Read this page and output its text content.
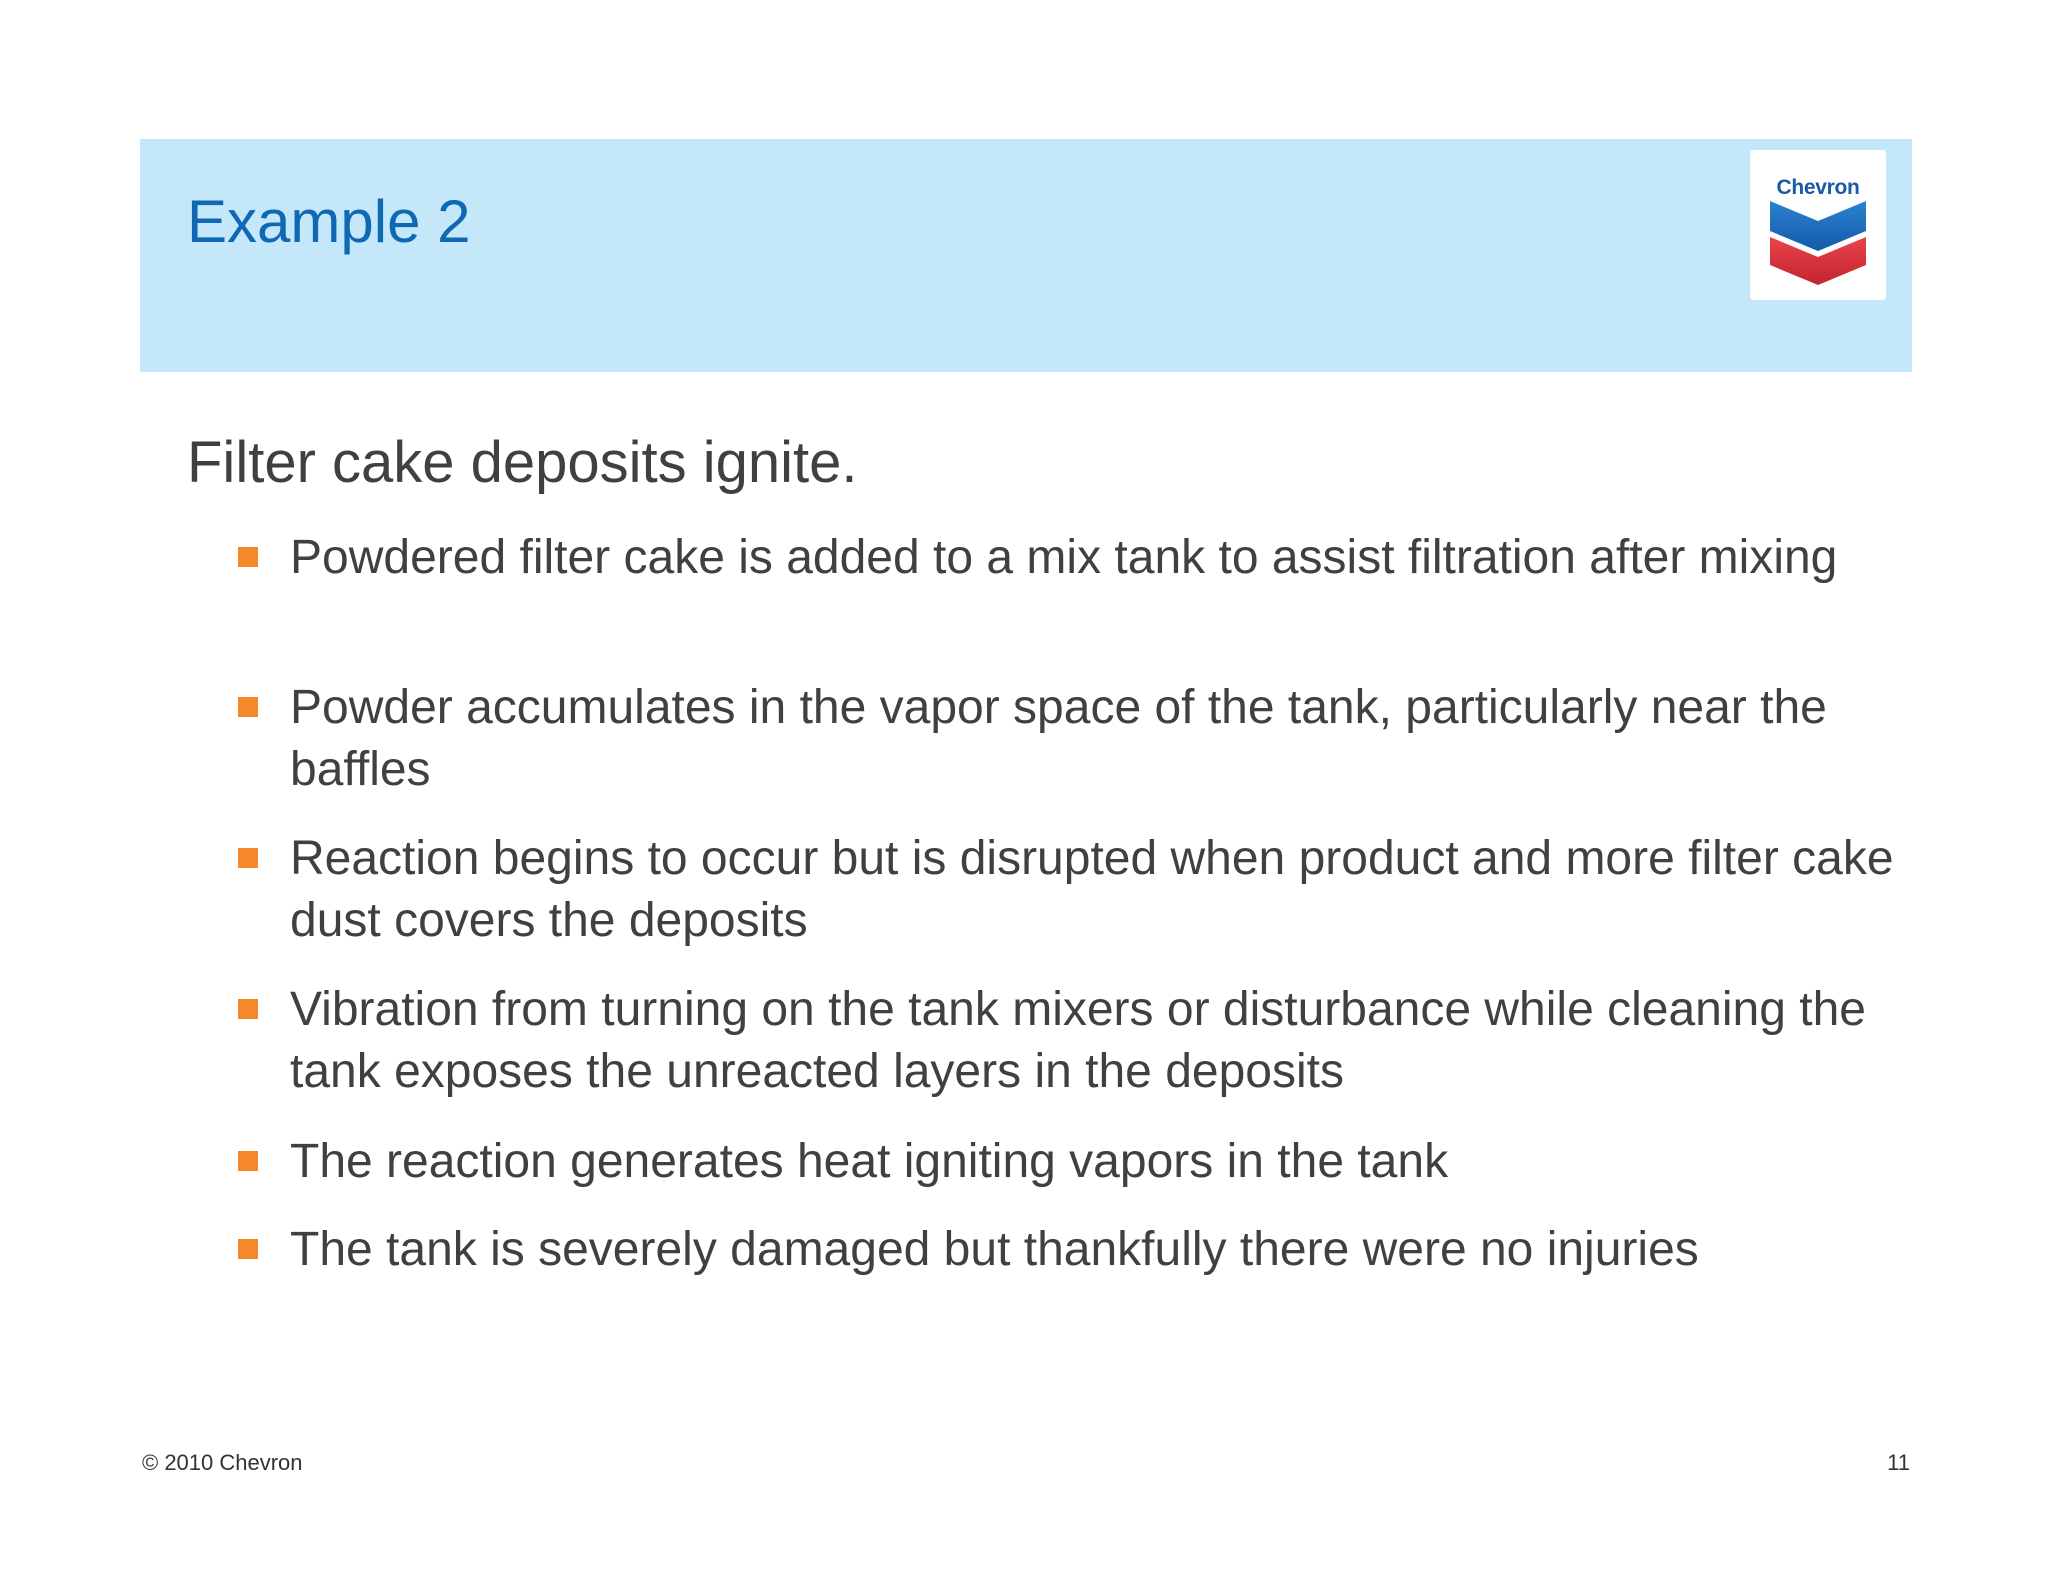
Example 2
Chevron
Filter cake deposits ignite.
Powdered filter cake is added to a mix tank to assist filtration after mixing
Powder accumulates in the vapor space of the tank, particularly near the baffles
Reaction begins to occur but is disrupted when product and more filter cake dust covers the deposits
Vibration from turning on the tank mixers or disturbance while cleaning the tank exposes the unreacted layers in the deposits
The reaction generates heat igniting vapors in the tank
The tank is severely damaged but thankfully there were no injuries
© 2010 Chevron	11
